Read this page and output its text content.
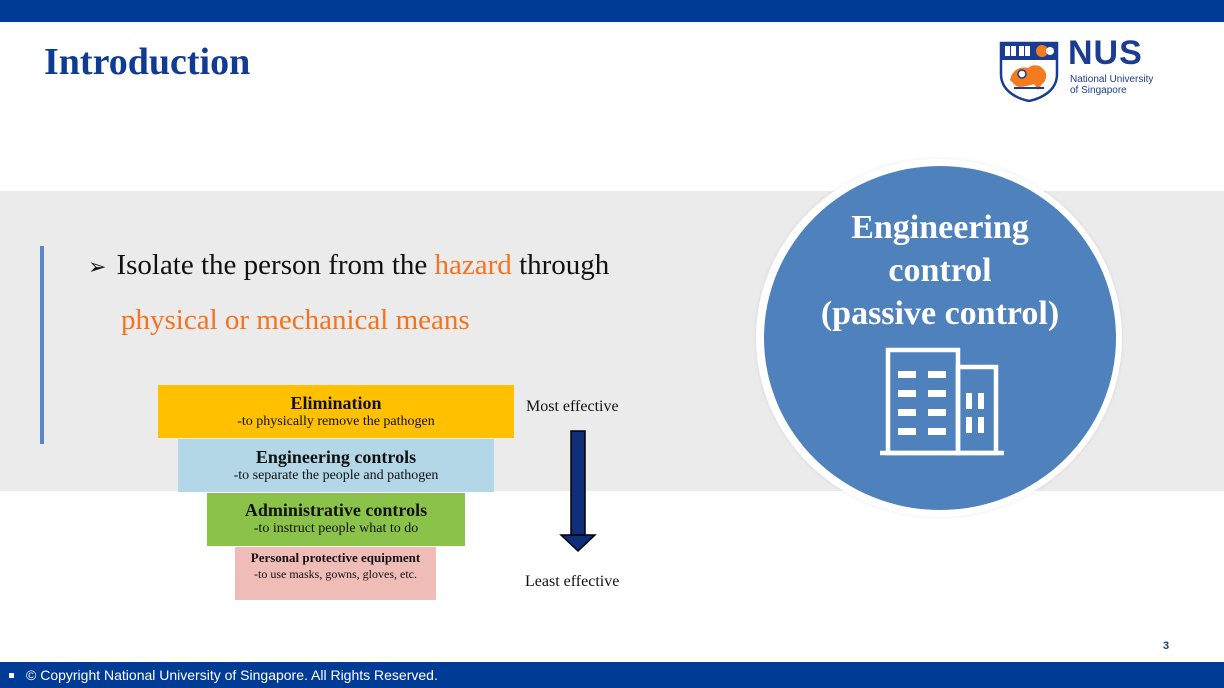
Introduction	NUS
National University
of Singapore
➢ Isolate the person from the hazard through
physical or mechanical means
Elimination
-to physically remove the pathogen
Engineering controls
-to separate the people and pathogen
Administrative controls
-to instruct people what to do
Personal protective equipment
-to use masks, gowns, gloves, etc.
Most effective
Least effective
Engineering
control
(passive control)
3
© Copyright National University of Singapore. All Rights Reserved.
